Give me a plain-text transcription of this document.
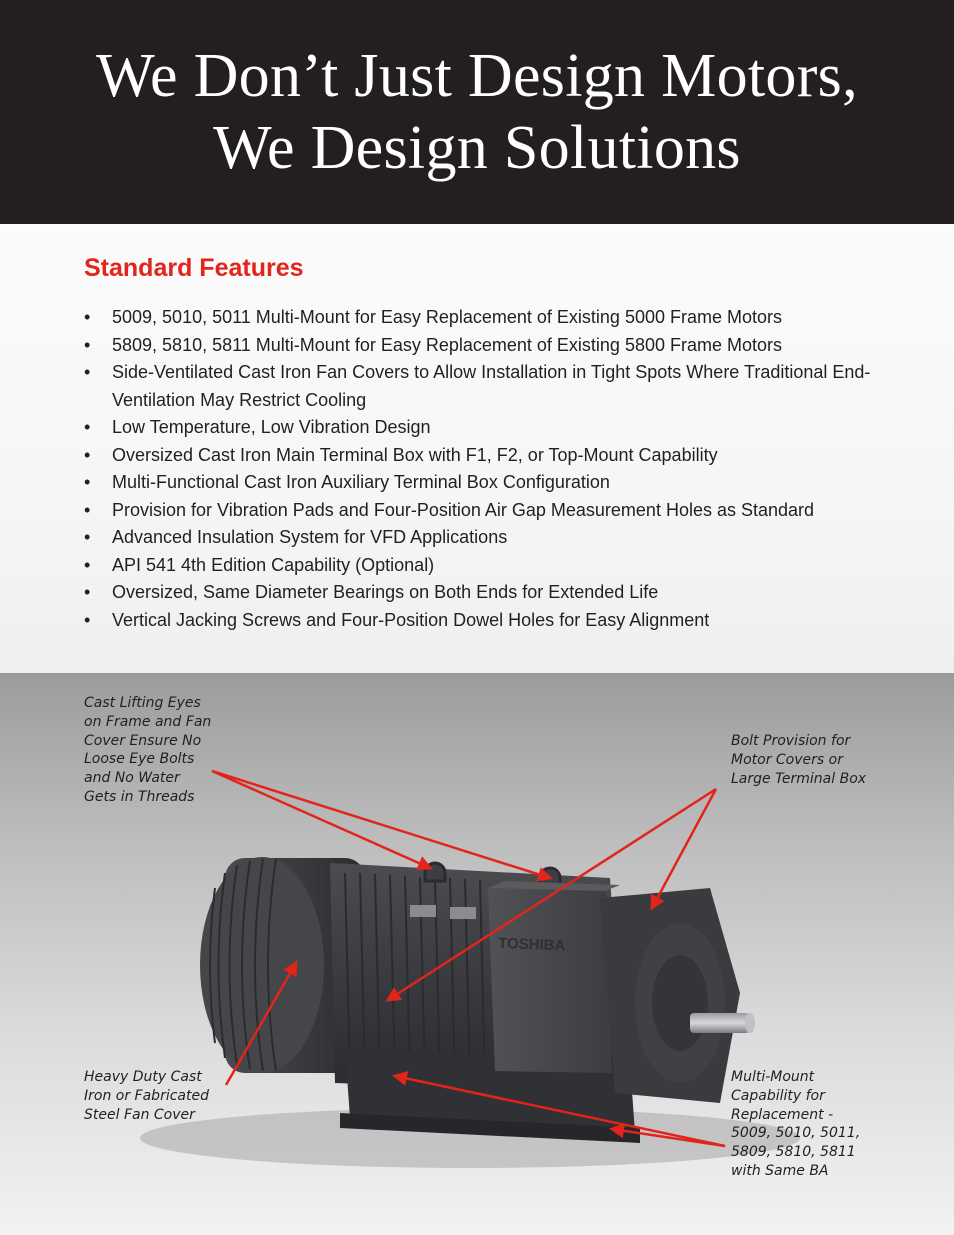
We Don’t Just Design Motors,
We Design Solutions
Standard Features
• 5009, 5010, 5011 Multi-Mount for Easy Replacement of Existing 5000 Frame Motors
• 5809, 5810, 5811 Multi-Mount for Easy Replacement of Existing 5800 Frame Motors
• Side-Ventilated Cast Iron Fan Covers to Allow Installation in Tight Spots Where Traditional End-Ventilation May Restrict Cooling
• Low Temperature, Low Vibration Design
• Oversized Cast Iron Main Terminal Box with F1, F2, or Top-Mount Capability
• Multi-Functional Cast Iron Auxiliary Terminal Box Configuration
• Provision for Vibration Pads and Four-Position Air Gap Measurement Holes as Standard
• Advanced Insulation System for VFD Applications
• API 541 4th Edition Capability (Optional)
• Oversized, Same Diameter Bearings on Both Ends for Extended Life
• Vertical Jacking Screws and Four-Position Dowel Holes for Easy Alignment
TOSHIBA
Cast Lifting Eyes
on Frame and Fan
Cover Ensure No
Loose Eye Bolts
and No Water
Gets in Threads
Bolt Provision for
Motor Covers or
Large Terminal Box
Heavy Duty Cast
Iron or Fabricated
Steel Fan Cover
Multi-Mount
Capability for
Replacement -
5009, 5010, 5011,
5809, 5810, 5811
with Same BA
